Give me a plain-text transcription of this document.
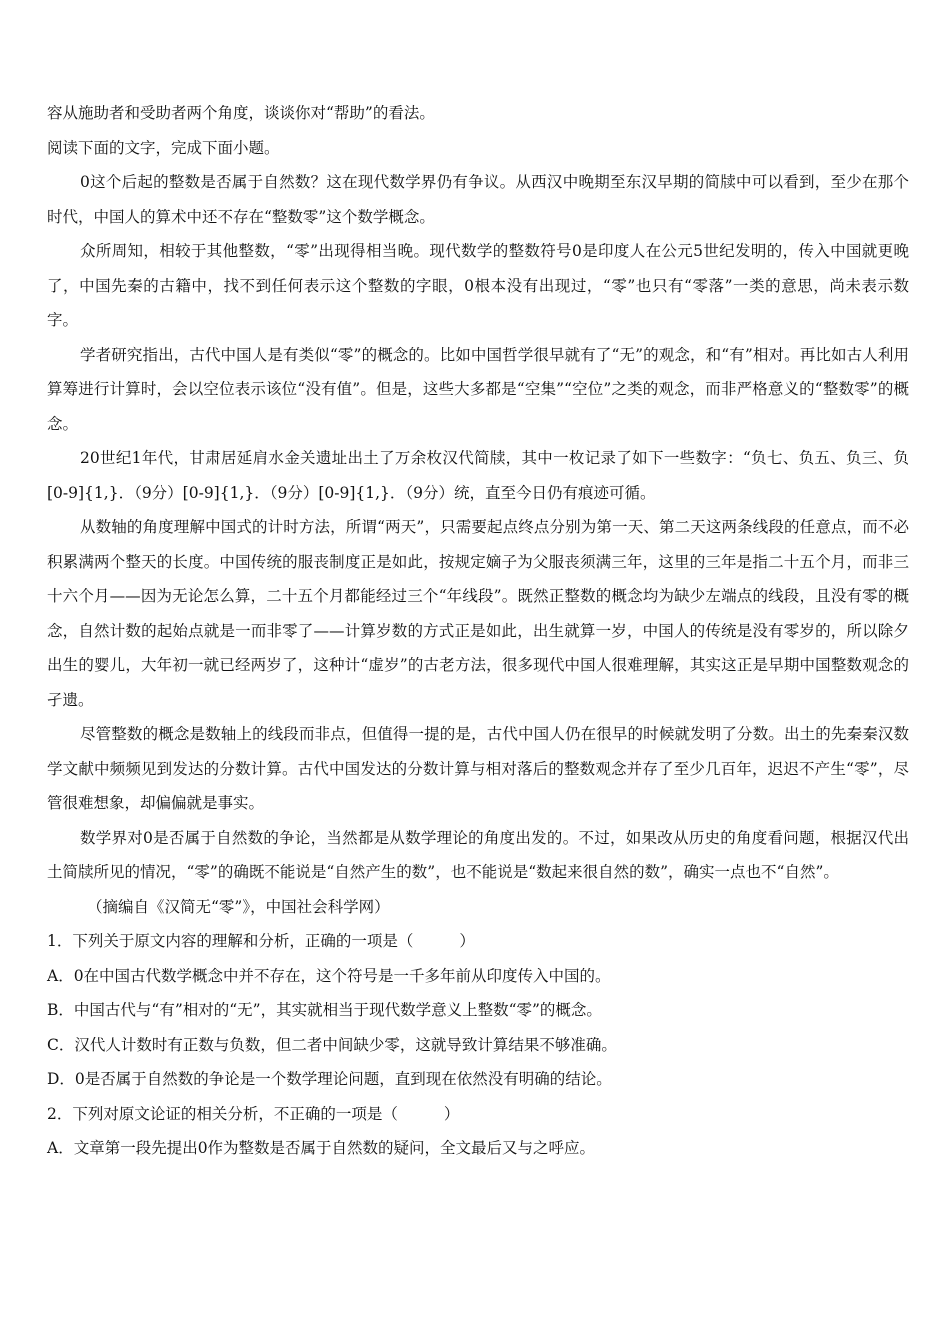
容从施助者和受助者两个角度，谈谈你对“帮助”的看法。
阅读下面的文字，完成下面小题。

0这个后起的整数是否属于自然数？这在现代数学界仍有争议。从西汉中晚期至东汉早期的简牍中可以看到，至少在那个时代，中国人的算术中还不存在“整数零”这个数学概念。

众所周知，相较于其他整数，“零”出现得相当晚。现代数学的整数符号0是印度人在公元5世纪发明的，传入中国就更晚了，中国先秦的古籍中，找不到任何表示这个整数的字眼，0根本没有出现过，“零”也只有“零落”一类的意思，尚未表示数字。

学者研究指出，古代中国人是有类似“零”的概念的。比如中国哲学很早就有了“无”的观念，和“有”相对。再比如古人利用算筹进行计算时，会以空位表示该位“没有值”。但是，这些大多都是“空集”“空位”之类的观念，而非严格意义的“整数零”的概念。

20世纪1年代，甘肃居延肩水金关遗址出土了万余枚汉代简牍，其中一枚记录了如下一些数字：“负七、负五、负三、负[0-9]{1,}．（9分）[0-9]{1,}．（9分）[0-9]{1,}．（9分）统，直至今日仍有痕迹可循。

从数轴的角度理解中国式的计时方法，所谓“两天”，只需要起点终点分别为第一天、第二天这两条线段的任意点，而不必积累满两个整天的长度。中国传统的服丧制度正是如此，按规定嫡子为父服丧须满三年，这里的三年是指二十五个月，而非三十六个月——因为无论怎么算，二十五个月都能经过三个“年线段”。既然正整数的概念均为缺少左端点的线段，且没有零的概念，自然计数的起始点就是一而非零了——计算岁数的方式正是如此，出生就算一岁，中国人的传统是没有零岁的，所以除夕出生的婴儿，大年初一就已经两岁了，这种计“虚岁”的古老方法，很多现代中国人很难理解，其实这正是早期中国整数观念的孑遗。

尽管整数的概念是数轴上的线段而非点，但值得一提的是，古代中国人仍在很早的时候就发明了分数。出土的先秦秦汉数学文献中频频见到发达的分数计算。古代中国发达的分数计算与相对落后的整数观念并存了至少几百年，迟迟不产生“零”，尽管很难想象，却偏偏就是事实。

数学界对0是否属于自然数的争论，当然都是从数学理论的角度出发的。不过，如果改从历史的角度看问题，根据汉代出土简牍所见的情况，“零”的确既不能说是“自然产生的数”，也不能说是“数起来很自然的数”，确实一点也不“自然”。

（摘编自《汉简无“零”》，中国社会科学网）
1．下列关于原文内容的理解和分析，正确的一项是（	）
A．0在中国古代数学概念中并不存在，这个符号是一千多年前从印度传入中国的。
B．中国古代与“有”相对的“无”，其实就相当于现代数学意义上整数“零”的概念。
C．汉代人计数时有正数与负数，但二者中间缺少零，这就导致计算结果不够准确。
D．0是否属于自然数的争论是一个数学理论问题，直到现在依然没有明确的结论。
2．下列对原文论证的相关分析，不正确的一项是（	）
A．文章第一段先提出0作为整数是否属于自然数的疑问，全文最后又与之呼应。
